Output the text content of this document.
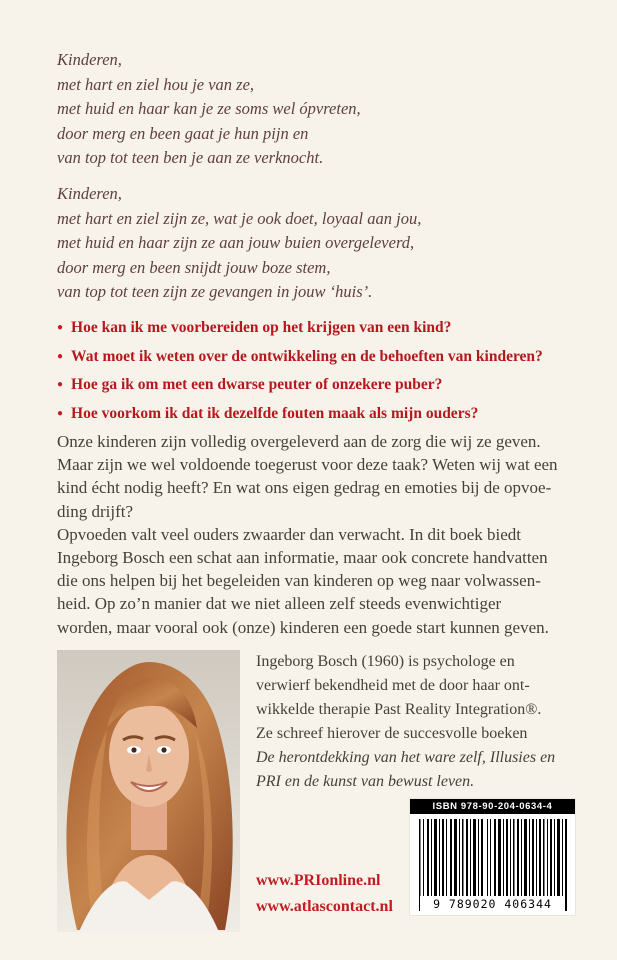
Kinderen,
met hart en ziel hou je van ze,
met huid en haar kan je ze soms wel ópvreten,
door merg en been gaat je hun pijn en
van top tot teen ben je aan ze verknocht.
Kinderen,
met hart en ziel zijn ze, wat je ook doet, loyaal aan jou,
met huid en haar zijn ze aan jouw buien overgeleverd,
door merg en been snijdt jouw boze stem,
van top tot teen zijn ze gevangen in jouw ‘huis’.
● Hoe kan ik me voorbereiden op het krijgen van een kind?
● Wat moet ik weten over de ontwikkeling en de behoeften van kinderen?
● Hoe ga ik om met een dwarse peuter of onzekere puber?
● Hoe voorkom ik dat ik dezelfde fouten maak als mijn ouders?
Onze kinderen zijn volledig overgeleverd aan de zorg die wij ze geven.
Maar zijn we wel voldoende toegerust voor deze taak? Weten wij wat een
kind écht nodig heeft? En wat ons eigen gedrag en emoties bij de opvoe-
ding drijft?
Opvoeden valt veel ouders zwaarder dan verwacht. In dit boek biedt
Ingeborg Bosch een schat aan informatie, maar ook concrete handvatten
die ons helpen bij het begeleiden van kinderen op weg naar volwassen-
heid. Op zo’n manier dat we niet alleen zelf steeds evenwichtiger
worden, maar vooral ook (onze) kinderen een goede start kunnen geven.
Ingeborg Bosch (1960) is psychologe en
verwierf bekendheid met de door haar ont-
wikkelde therapie Past Reality Integration®.
Ze schreef hierover de succesvolle boeken
De herontdekking van het ware zelf, Illusies en
PRI en de kunst van bewust leven.
www.PRIonline.nl
www.atlascontact.nl
ISBN 978-90-204-0634-4
9 789020 406344
